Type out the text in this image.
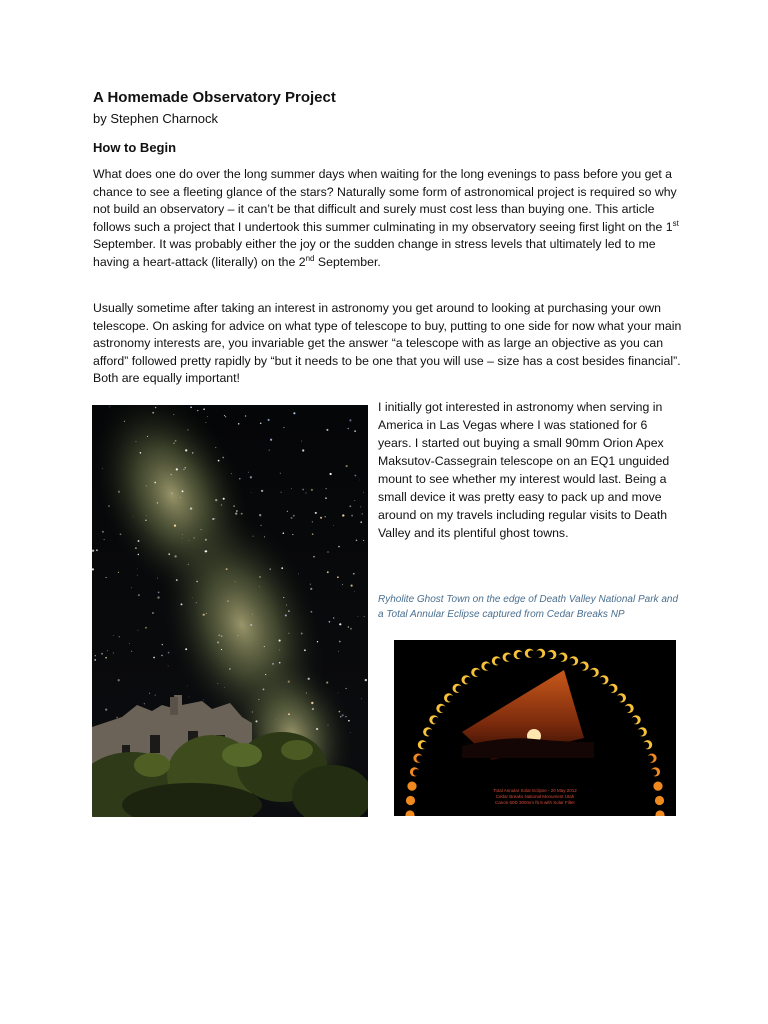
A Homemade Observatory Project

by Stephen Charnock

How to Begin

What does one do over the long summer days when waiting for the long evenings to pass before you get a chance to see a fleeting glance of the stars? Naturally some form of astronomical project is required so why not build an observatory – it can’t be that difficult and surely must cost less than buying one. This article follows such a project that I undertook this summer culminating in my observatory seeing first light on the 1st September. It was probably either the joy or the sudden change in stress levels that ultimately led to me having a heart-attack (literally) on the 2nd September.

Usually sometime after taking an interest in astronomy you get around to looking at purchasing your own telescope. On asking for advice on what type of telescope to buy, putting to one side for now what your main astronomy interests are, you invariable get the answer “a telescope with as large an objective as you can afford” followed pretty rapidly by “but it needs to be one that you will use – size has a cost besides financial”. Both are equally important!

I initially got interested in astronomy when serving in America in Las Vegas where I was stationed for 6 years. I started out buying a small 90mm Orion Apex Maksutov-Cassegrain telescope on an EQ1 unguided mount to see whether my interest would last. Being a small device it was pretty easy to pack up and move around on my travels including regular visits to Death Valley and its plentiful ghost towns.

Ryholite Ghost Town on the edge of Death Valley National Park and a Total Annular Eclipse captured from Cedar Breaks NP

Total Annular Solar Eclipse - 20 May 2012
Cedar Breaks National Monument Utah
Canon 60D 300mm f5.6 with Solar Filter
